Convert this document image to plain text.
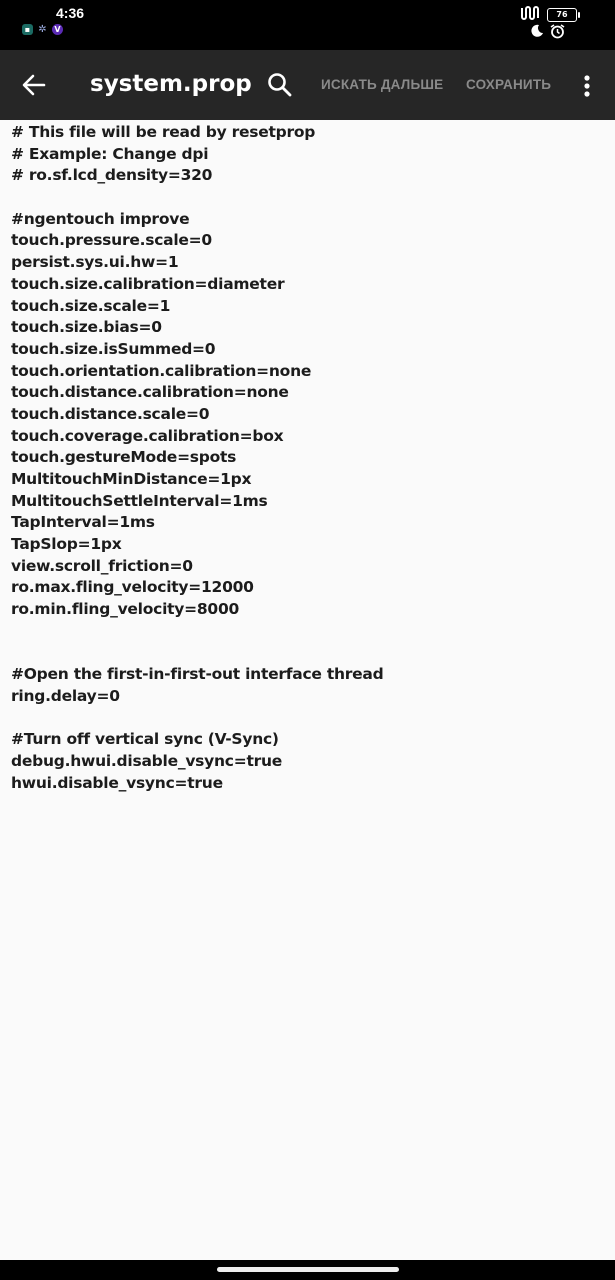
4:36
▪ ✲ V
76
system.prop	ИСКАТЬ ДАЛЬШЕ СОХРАНИТЬ
# This file will be read by resetprop
# Example: Change dpi
# ro.sf.lcd_density=320
#ngentouch improve
touch.pressure.scale=0
persist.sys.ui.hw=1
touch.size.calibration=diameter
touch.size.scale=1
touch.size.bias=0
touch.size.isSummed=0
touch.orientation.calibration=none
touch.distance.calibration=none
touch.distance.scale=0
touch.coverage.calibration=box
touch.gestureMode=spots
MultitouchMinDistance=1px
MultitouchSettleInterval=1ms
TapInterval=1ms
TapSlop=1px
view.scroll_friction=0
ro.max.fling_velocity=12000
ro.min.fling_velocity=8000
#Open the first-in-first-out interface thread
ring.delay=0
#Turn off vertical sync (V-Sync)
debug.hwui.disable_vsync=true
hwui.disable_vsync=true
